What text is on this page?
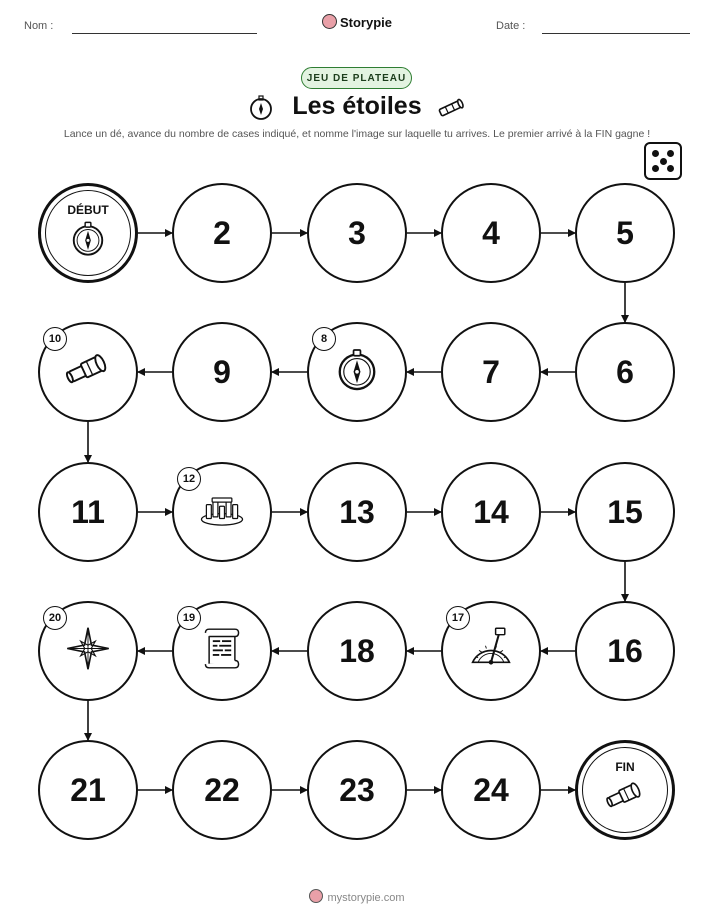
Nom :	Storypie	Date :
JEU DE PLATEAU
Les étoiles
Lance un dé, avance du nombre de cases indiqué, et nomme l'image sur laquelle tu arrives. Le premier arrivé à la FIN gagne !
DÉBUT
2	3	4	5
6
7
8
9
10
11
12
13	14	15
16
17
18
19
20
21	22	23	24
FIN
mystorypie.com
